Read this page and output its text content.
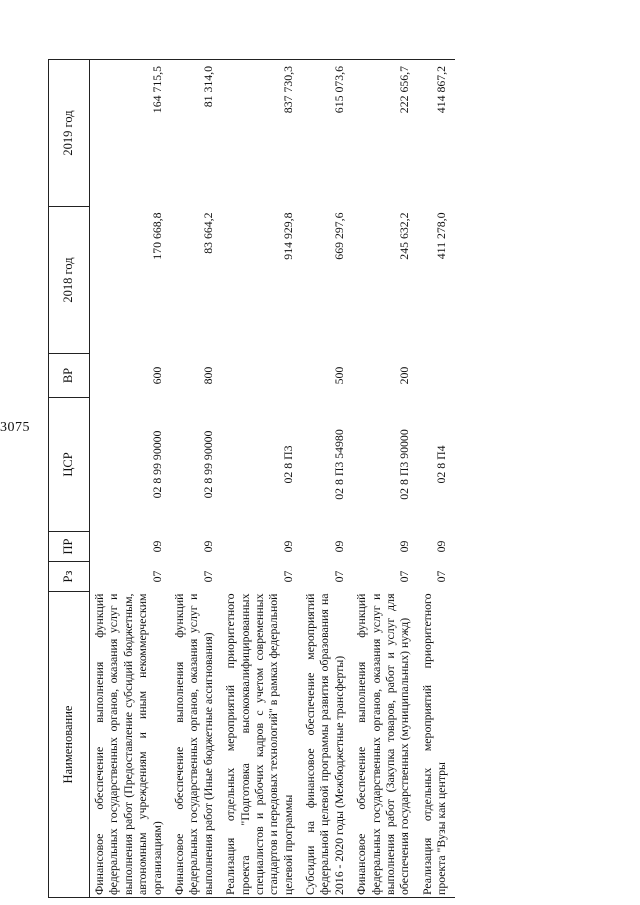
3075
Наименование	Рз	ПР	ЦСР	ВР	2018 год	2019 год
Финансовое обеспечение выполнения функций федеральных государственных органов, оказания услуг и выполнения работ (Предоставление субсидий бюджетным, автономным учреждениям и иным некоммерческим организациям)	07	09	02 8 99 90000	600	170 668,8	164 715,5
Финансовое обеспечение выполнения функций федеральных государственных органов, оказания услуг и выполнения работ (Иные бюджетные ассигнования)	07	09	02 8 99 90000	800	83 664,2	81 314,0
Реализация отдельных мероприятий приоритетного проекта "Подготовка высококвалифицированных специалистов и рабочих кадров с учетом современных стандартов и передовых технологий" в рамках федеральной целевой программы	07	09	02 8 П3		914 929,8	837 730,3
Субсидии на финансовое обеспечение мероприятий федеральной целевой программы развития образования на 2016 - 2020 годы (Межбюджетные трансферты)	07	09	02 8 П3 54980	500	669 297,6	615 073,6
Финансовое обеспечение выполнения функций федеральных государственных органов, оказания услуг и выполнения работ (Закупка товаров, работ и услуг для обеспечения государственных (муниципальных) нужд)	07	09	02 8 П3 90000	200	245 632,2	222 656,7
Реализация отдельных мероприятий приоритетного проекта "Вузы как центры	07	09	02 8 П4		411 278,0	414 867,2
